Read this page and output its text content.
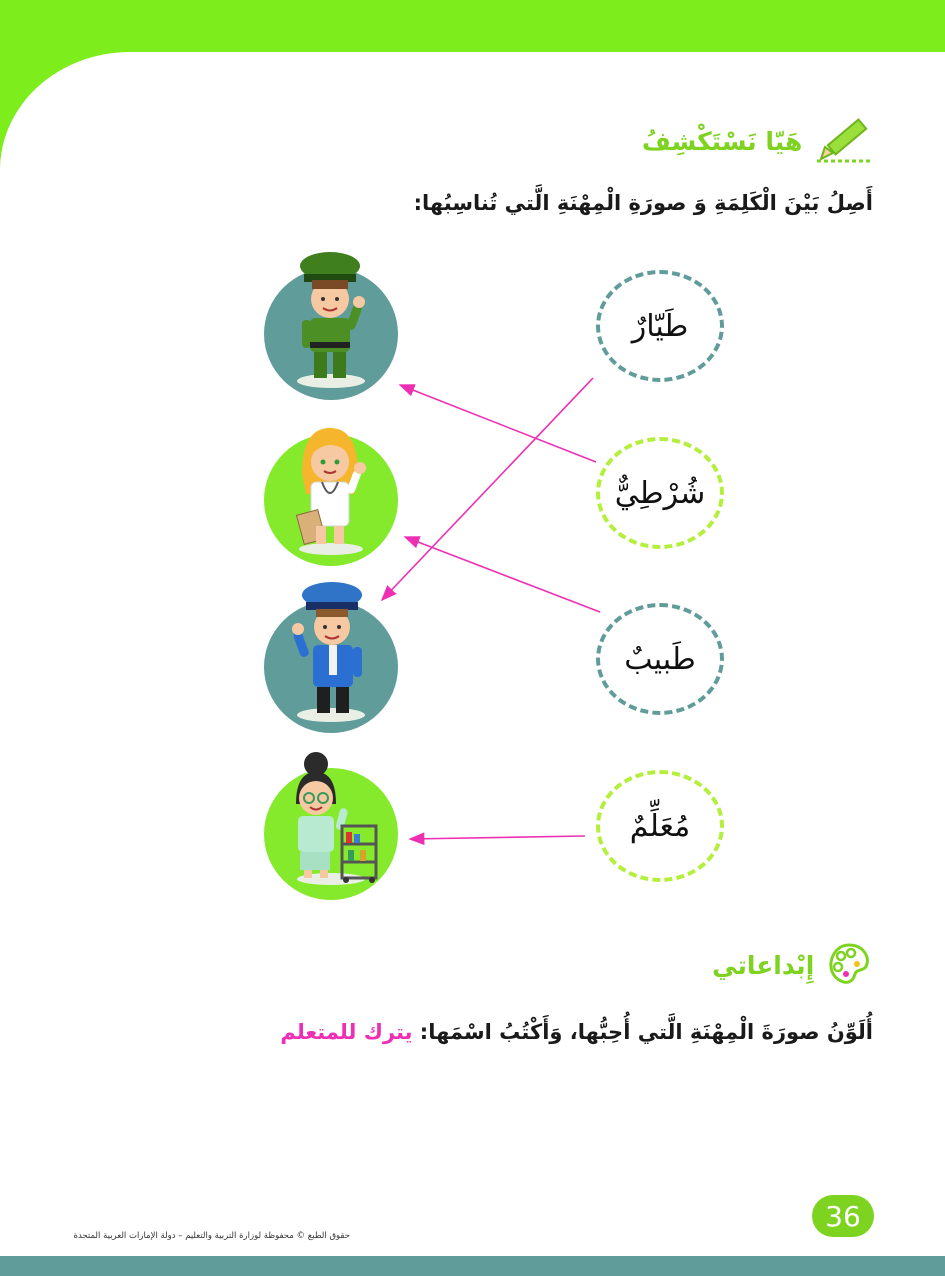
هَيّا نَسْتَكْشِفُ
أَصِلُ بَيْنَ الْكَلِمَةِ وَ صورَةِ الْمِهْنَةِ الَّتي تُناسِبُها:
طَيّارٌ
شُرْطِيٌّ
طَبيبٌ
مُعَلِّمٌ
إِبْداعاتي
أُلَوِّنُ صورَةَ الْمِهْنَةِ الَّتي أُحِبُّها، وَأَكْتُبُ اسْمَها: يترك للمتعلم
36
حقوق الطبع © محفوظة لوزارة التربية والتعليم – دولة الإمارات العربية المتحدة
